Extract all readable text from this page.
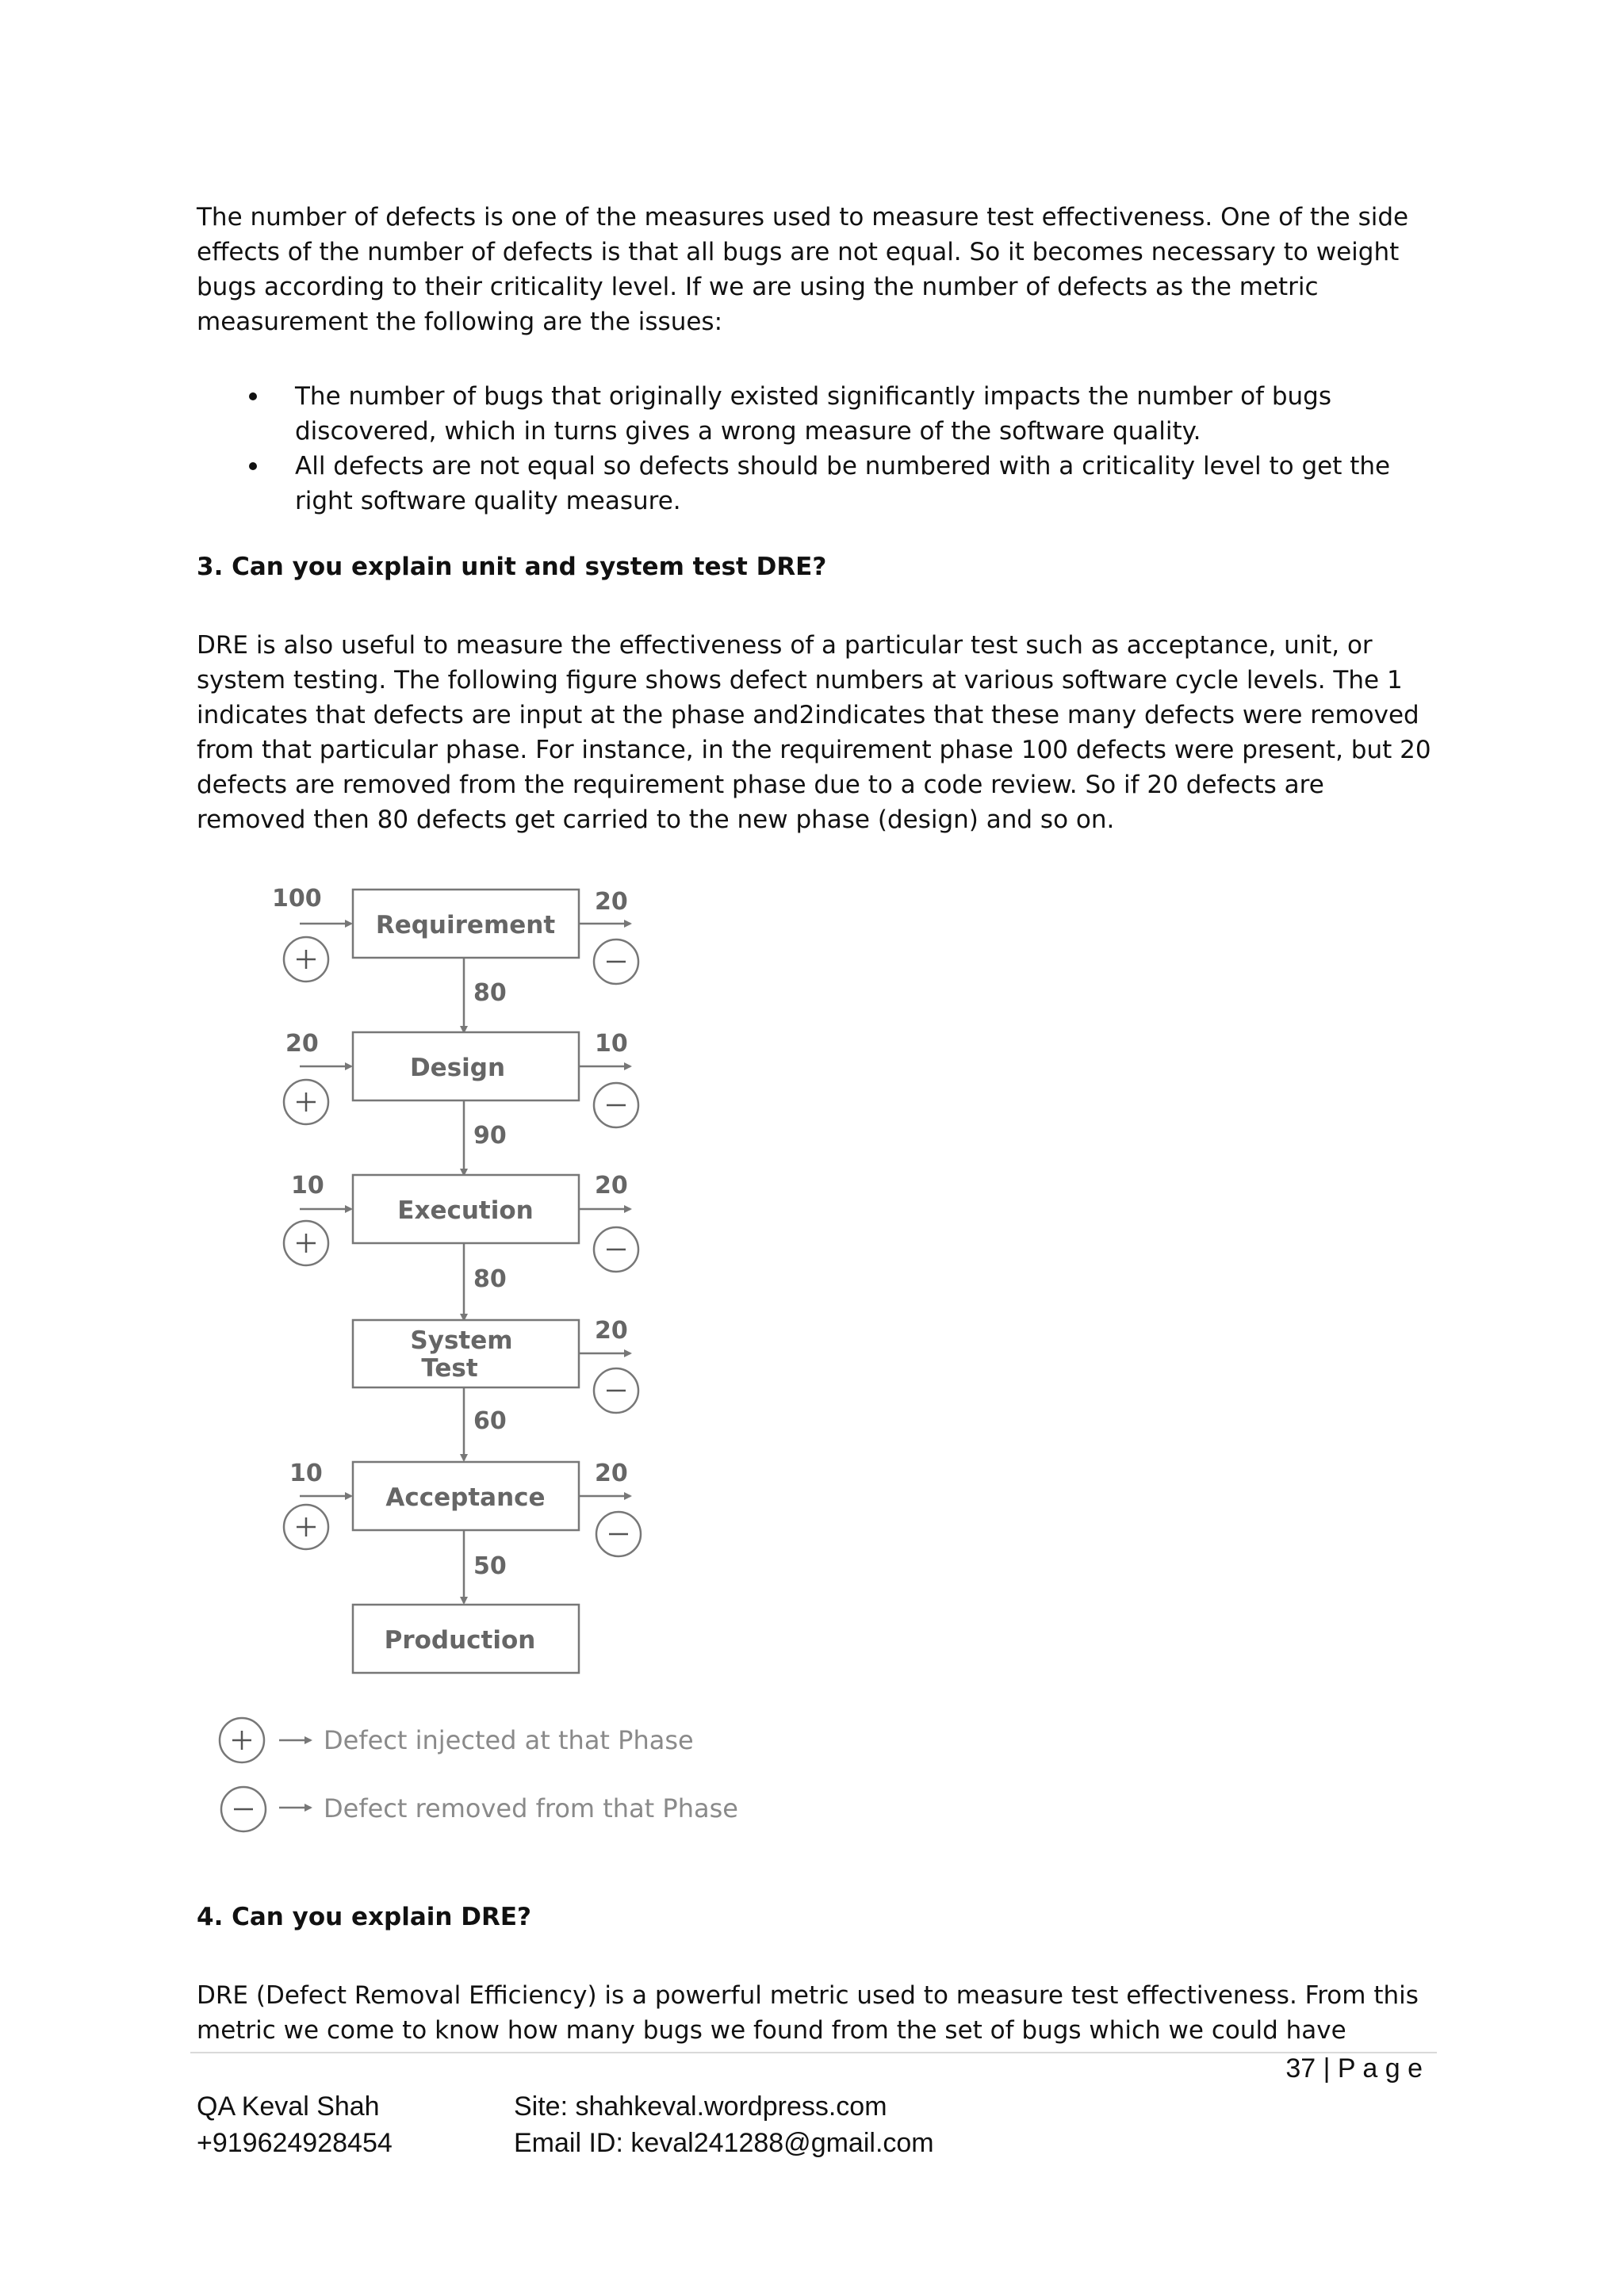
The number of defects is one of the measures used to measure test effectiveness. One of the side effects of the number of defects is that all bugs are not equal. So it becomes necessary to weight bugs according to their criticality level. If we are using the number of defects as the metric measurement the following are the issues:

The number of bugs that originally existed significantly impacts the number of bugs discovered, which in turns gives a wrong measure of the software quality.
All defects are not equal so defects should be numbered with a criticality level to get the right software quality measure.

3. Can you explain unit and system test DRE?

DRE is also useful to measure the effectiveness of a particular test such as acceptance, unit, or system testing. The following figure shows defect numbers at various software cycle levels. The 1 indicates that defects are input at the phase and2indicates that these many defects were removed from that particular phase. For instance, in the requirement phase 100 defects were present, but 20 defects are removed from the requirement phase due to a code review. So if 20 defects are removed then 80 defects get carried to the new phase (design) and so on.

Requirement
Design
Execution
System
Test
Acceptance
Production
80
90
80
60
50
100
20
10
10
20
10
20
20
20
Defect injected at that Phase
Defect removed from that Phase

4. Can you explain DRE?

DRE (Defect Removal Efficiency) is a powerful metric used to measure test effectiveness. From this metric we come to know how many bugs we found from the set of bugs which we could have

37 | P a g e

QA Keval Shah

+919624928454

Site: shahkeval.wordpress.com

Email ID: keval241288@gmail.com
